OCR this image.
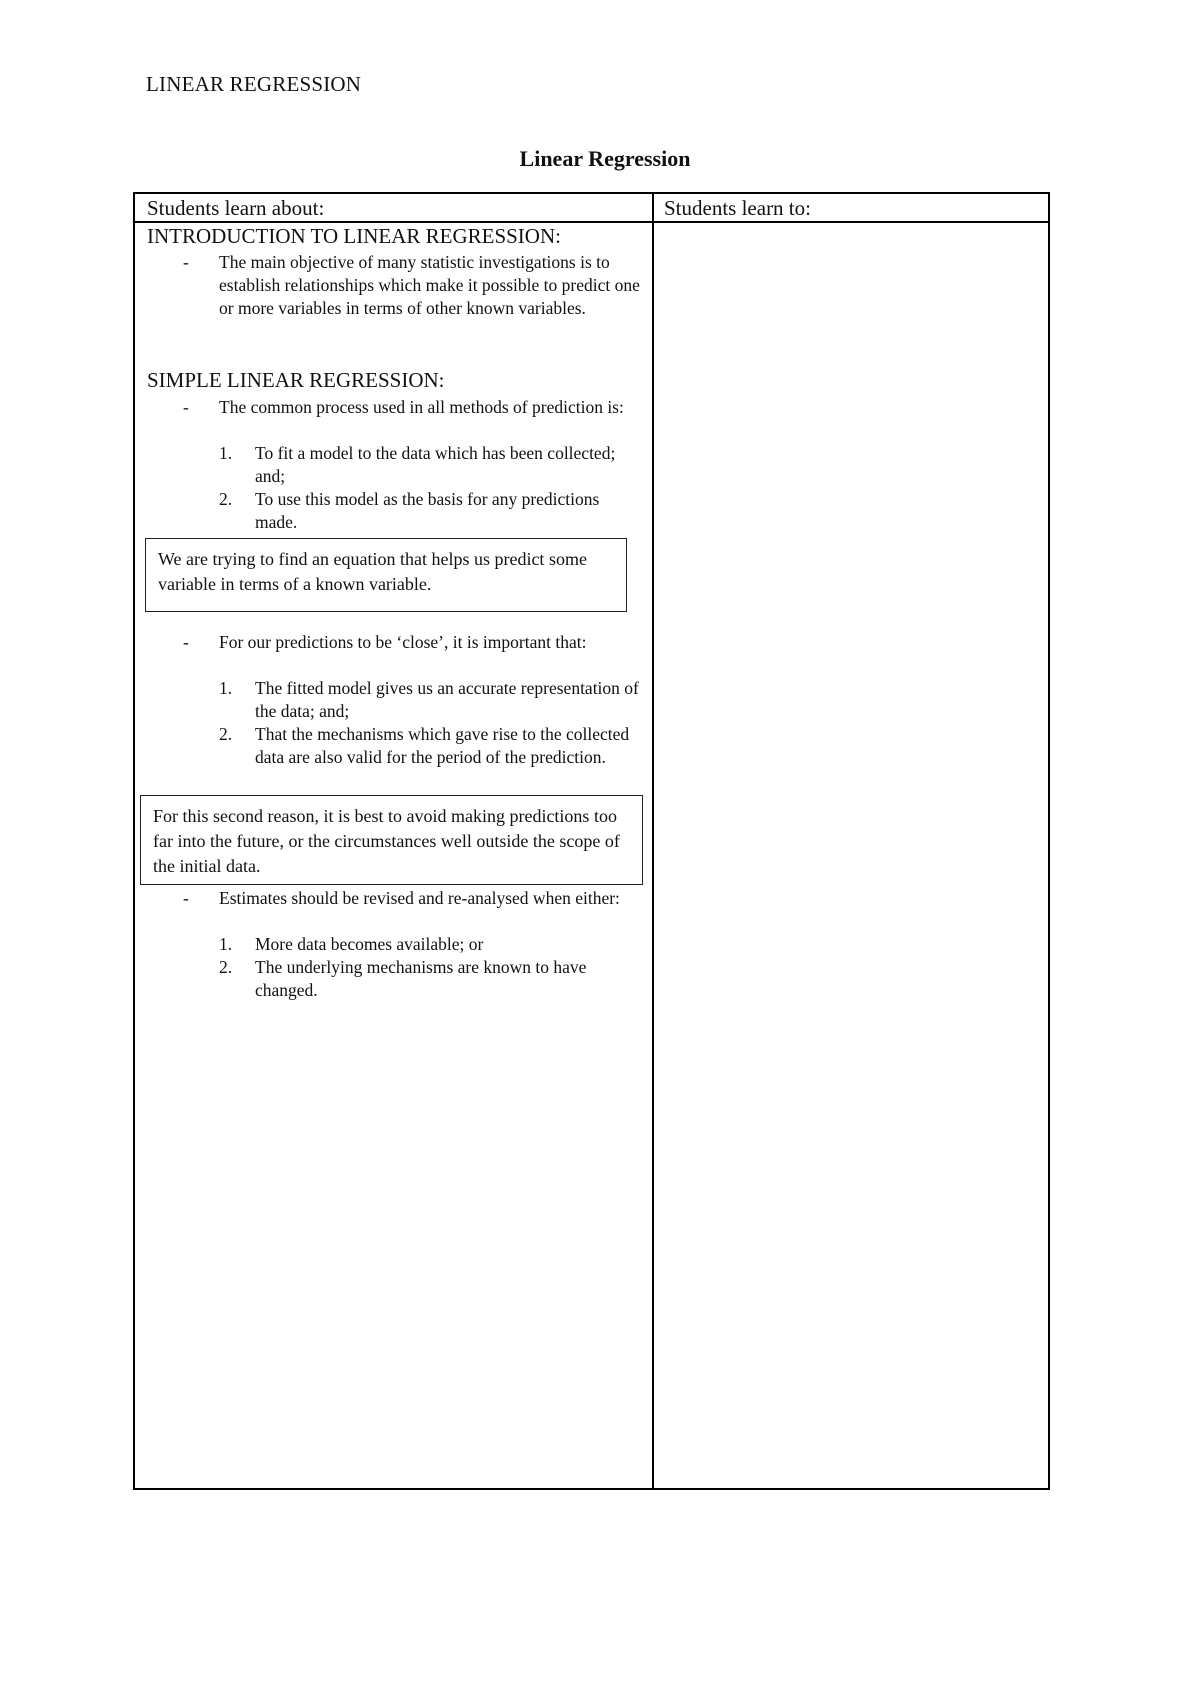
LINEAR REGRESSION
Linear Regression
Students learn about:	Students learn to:
INTRODUCTION TO LINEAR REGRESSION:
- The main objective of many statistic investigations is to establish relationships which make it possible to predict one or more variables in terms of other known variables.
SIMPLE LINEAR REGRESSION:
- The common process used in all methods of prediction is:
1. To fit a model to the data which has been collected; and;
2. To use this model as the basis for any predictions made.
We are trying to find an equation that helps us predict some variable in terms of a known variable.
- For our predictions to be ‘close’, it is important that:
1. The fitted model gives us an accurate representation of the data; and;
2. That the mechanisms which gave rise to the collected data are also valid for the period of the prediction.
For this second reason, it is best to avoid making predictions too far into the future, or the circumstances well outside the scope of the initial data.
- Estimates should be revised and re-analysed when either:
1. More data becomes available; or
2. The underlying mechanisms are known to have changed.
